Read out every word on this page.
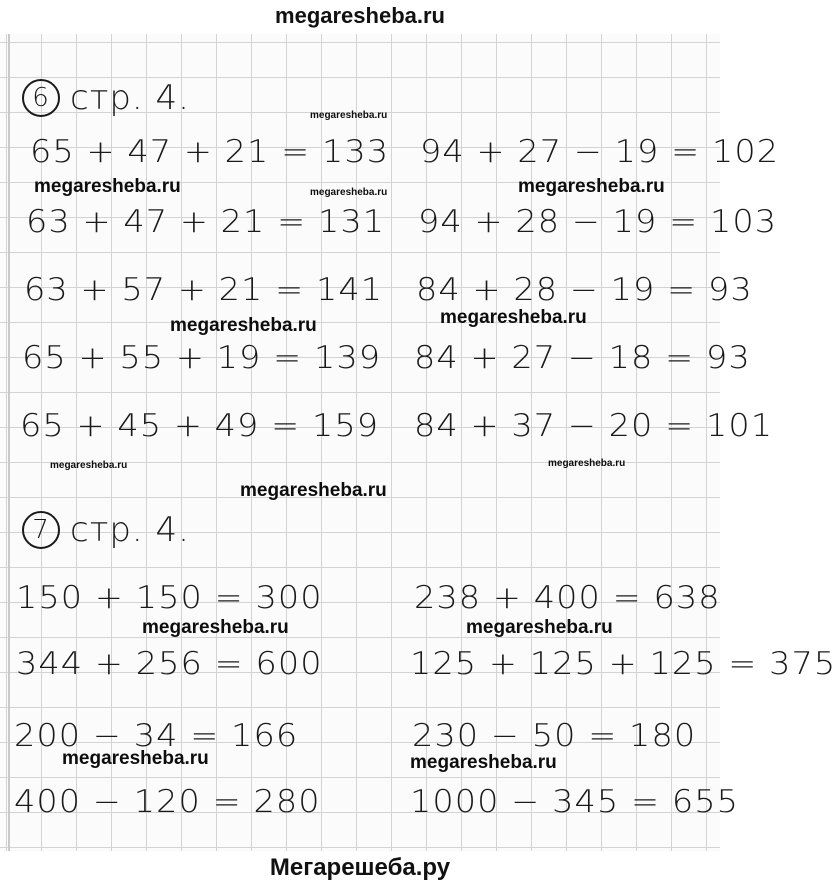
megaresheba.ru
6 стр. 4.
65 + 47 + 21 = 133
63 + 47 + 21 = 131
63 + 57 + 21 = 141
65 + 55 + 19 = 139
65 + 45 + 49 = 159
94 + 27 − 19 = 102
94 + 28 − 19 = 103
84 + 28 − 19 = 93
84 + 27 − 18 = 93
84 + 37 − 20 = 101
7 стр. 4.
150 + 150 = 300
344 + 256 = 600
200 − 34 = 166
400 − 120 = 280
238 + 400 = 638
125 + 125 + 125 = 375
230 − 50 = 180
1000 − 345 = 655
megaresheba.ru
megaresheba.ru
megaresheba.ru	megaresheba.ru
megaresheba.ru	megaresheba.ru
megaresheba.ru	megaresheba.ru
megaresheba.ru
megaresheba.ru	megaresheba.ru
megaresheba.ru	megaresheba.ru
Мегарешеба.ру
